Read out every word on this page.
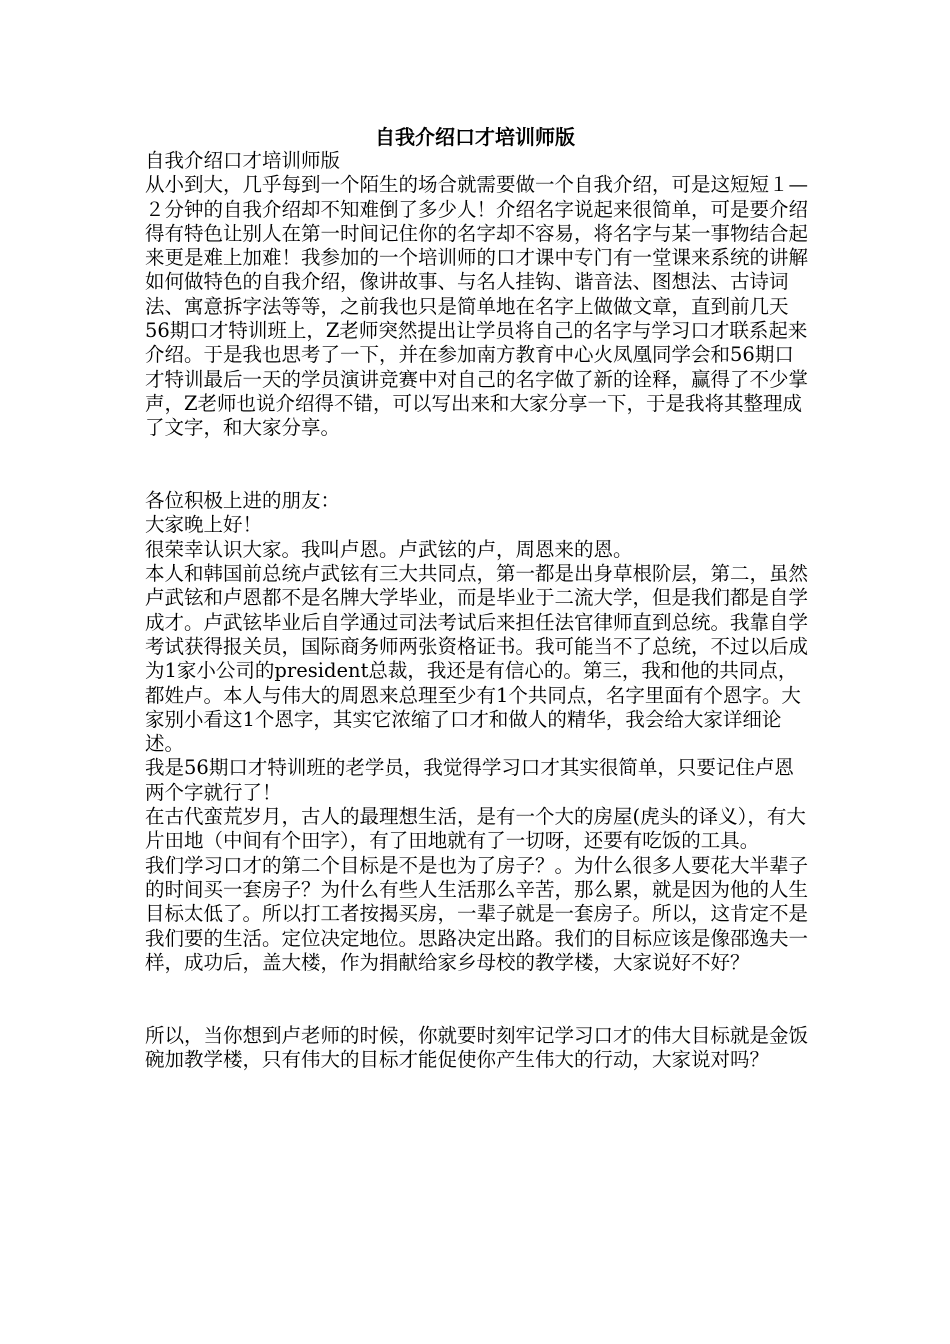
自我介绍口才培训师版

自我介绍口才培训师版

从小到大，几乎每到一个陌生的场合就需要做一个自我介绍，可是这短短１—２分钟的自我介绍却不知难倒了多少人！介绍名字说起来很简单，可是要介绍得有特色让别人在第一时间记住你的名字却不容易，将名字与某一事物结合起来更是难上加难！我参加的一个培训师的口才课中专门有一堂课来系统的讲解如何做特色的自我介绍，像讲故事、与名人挂钩、谐音法、图想法、古诗词法、寓意拆字法等等，之前我也只是简单地在名字上做做文章，直到前几天56期口才特训班上，Z老师突然提出让学员将自己的名字与学习口才联系起来介绍。于是我也思考了一下，并在参加南方教育中心火凤凰同学会和56期口才特训最后一天的学员演讲竞赛中对自己的名字做了新的诠释，赢得了不少掌声，Z老师也说介绍得不错，可以写出来和大家分享一下，于是我将其整理成了文字，和大家分享。

各位积极上进的朋友：

大家晚上好！

很荣幸认识大家。我叫卢恩。卢武铉的卢，周恩来的恩。

本人和韩国前总统卢武铉有三大共同点，第一都是出身草根阶层，第二，虽然卢武铉和卢恩都不是名牌大学毕业，而是毕业于二流大学，但是我们都是自学成才。卢武铉毕业后自学通过司法考试后来担任法官律师直到总统。我靠自学考试获得报关员，国际商务师两张资格证书。我可能当不了总统，不过以后成为1家小公司的president总裁，我还是有信心的。第三，我和他的共同点，都姓卢。本人与伟大的周恩来总理至少有1个共同点，名字里面有个恩字。大家别小看这1个恩字，其实它浓缩了口才和做人的精华，我会给大家详细论述。

我是56期口才特训班的老学员，我觉得学习口才其实很简单，只要记住卢恩两个字就行了！

在古代蛮荒岁月，古人的最理想生活，是有一个大的房屋(虎头的译义），有大片田地（中间有个田字），有了田地就有了一切呀，还要有吃饭的工具。

我们学习口才的第二个目标是不是也为了房子？。为什么很多人要花大半辈子的时间买一套房子？为什么有些人生活那么辛苦，那么累，就是因为他的人生目标太低了。所以打工者按揭买房，一辈子就是一套房子。所以，这肯定不是我们要的生活。定位决定地位。思路决定出路。我们的目标应该是像邵逸夫一样，成功后，盖大楼，作为捐献给家乡母校的教学楼，大家说好不好？

所以，当你想到卢老师的时候，你就要时刻牢记学习口才的伟大目标就是金饭碗加教学楼，只有伟大的目标才能促使你产生伟大的行动，大家说对吗？
